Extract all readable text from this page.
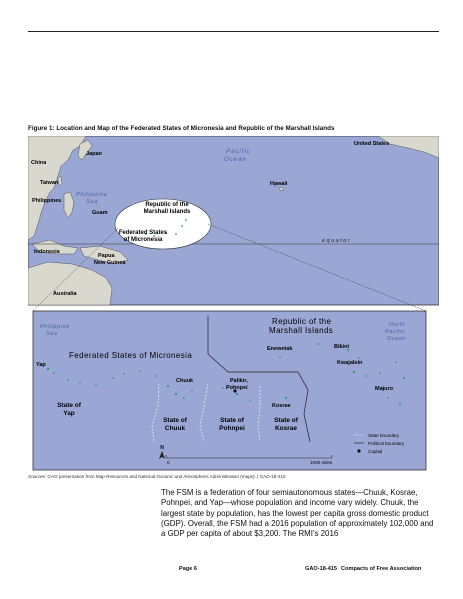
Figure 1: Location and Map of the Federated States of Micronesia and Republic of the Marshall Islands
Pacific
Ocean
Philippine
Sea
equator
Japan
China
Taiwan
Philippines
Guam
Indonesia
Papua
New Guinea
Australia
Hawaii
United States
Republic of the
Marshall Islands
Federated States
of Micronesia
Philippine
Sea
North
Pacific
Ocean
Republic of the
Marshall Islands
Federated States of Micronesia
Yap
Chuuk	Palikir,
Pohnpei
Kosrae
Enewetak	Bikini
Kwajalein
Majuro
State of
Yap
State of
Chuuk
State of
Pohnpei
State of
Kosrae
State boundary
Political boundary
Capital
N
0	1000 miles
Sources: GAO presentation from Map Resources and National Oceanic and Atmospheric Administration (maps). | GAO-18-415
The FSM is a federation of four semiautonomous states—Chuuk, Kosrae, Pohnpei, and Yap—whose population and income vary widely. Chuuk, the largest state by population, has the lowest per capita gross domestic product (GDP). Overall, the FSM had a 2016 population of approximately 102,000 and a GDP per capita of about $3,200. The RMI’s 2016
Page 6	GAO-18-415 Compacts of Free Association
